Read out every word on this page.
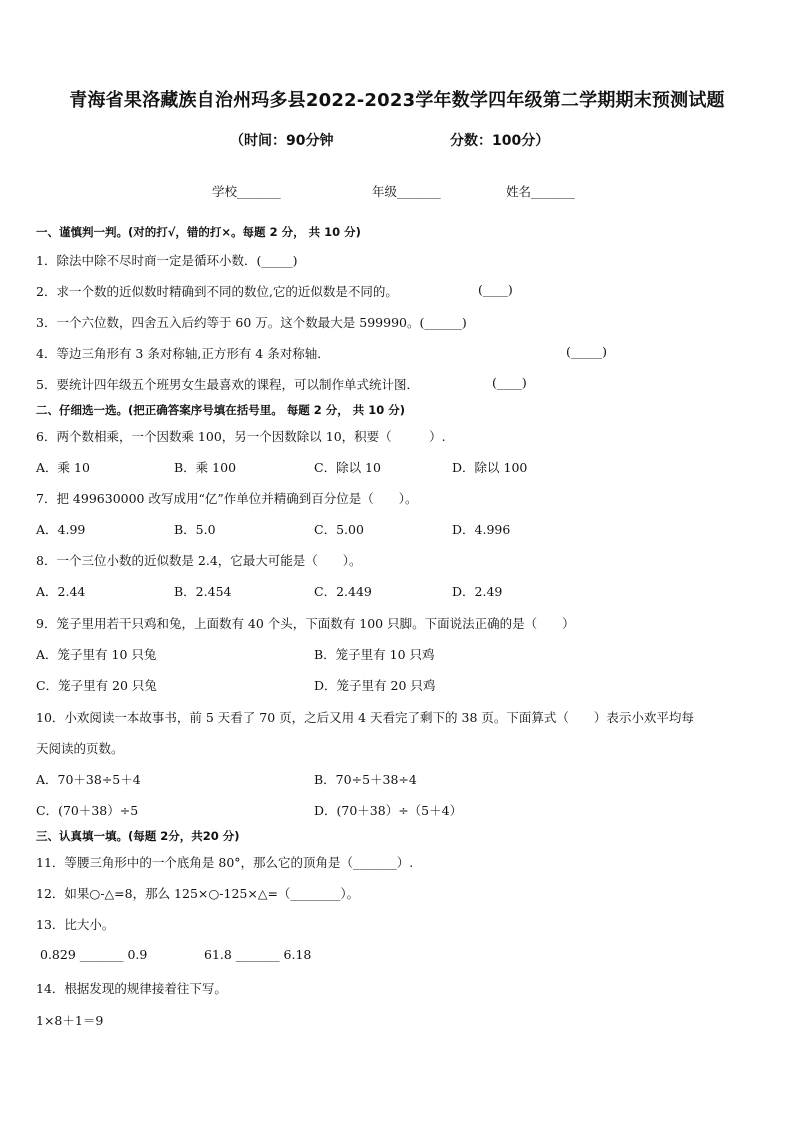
青海省果洛藏族自治州玛多县2022-2023学年数学四年级第二学期期末预测试题
（时间：90分钟	分数：100分）
学校_______	年级_______	姓名_______
一、谨慎判一判。(对的打√，错的打×。每题 2 分， 共 10 分)
1．除法中除不尽时商一定是循环小数．(_____)
2．求一个数的近似数时精确到不同的数位,它的近似数是不同的。	(____)
3．一个六位数，四舍五入后约等于 60 万。这个数最大是 599990。(______)
4．等边三角形有 3 条对称轴,正方形有 4 条对称轴．	(_____)
5．要统计四年级五个班男女生最喜欢的课程，可以制作单式统计图．	(____)
二、仔细选一选。(把正确答案序号填在括号里。 每题 2 分， 共 10 分)
6．两个数相乘，一个因数乘 100，另一个因数除以 10，积要（　　　）.
A．乘 10	B．乘 100	C．除以 10	D．除以 100
7．把 499630000 改写成用“亿”作单位并精确到百分位是（　　）。
A．4.99	B．5.0	C．5.00	D．4.996
8．一个三位小数的近似数是 2.4，它最大可能是（　　）。
A．2.44	B．2.454	C．2.449	D．2.49
9．笼子里用若干只鸡和兔，上面数有 40 个头，下面数有 100 只脚。下面说法正确的是（　　）
A．笼子里有 10 只兔	B．笼子里有 10 只鸡
C．笼子里有 20 只兔	D．笼子里有 20 只鸡
10．小欢阅读一本故事书，前 5 天看了 70 页，之后又用 4 天看完了剩下的 38 页。下面算式（　　）表示小欢平均每
天阅读的页数。
A．70＋38÷5＋4	B．70÷5＋38÷4
C．(70＋38）÷5	D．(70＋38）÷（5＋4）
三、认真填一填。(每题 2分，共20 分)
11．等腰三角形中的一个底角是 80°，那么它的顶角是（_______）.
12．如果○-△=8，那么 125×○-125×△=（________）。
13．比大小。
0.829 _______ 0.9	61.8 _______ 6.18
14．根据发现的规律接着往下写。
1×8＋1＝9
